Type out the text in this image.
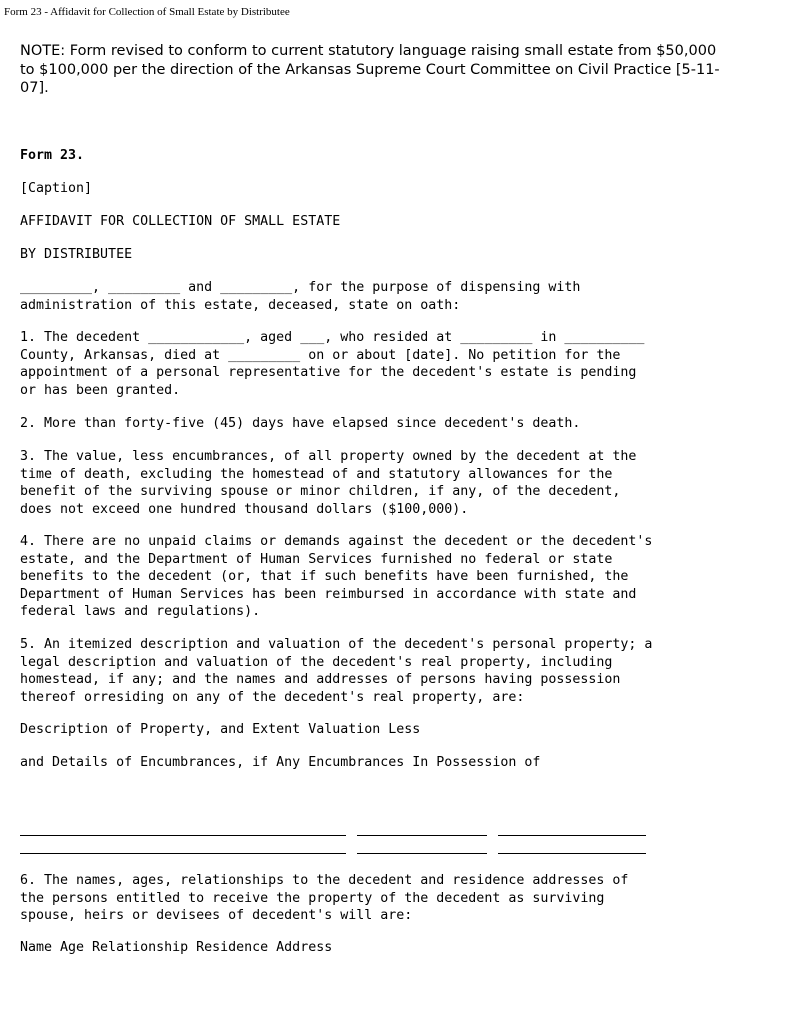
Form 23 - Affidavit for Collection of Small Estate by Distributee
NOTE: Form revised to conform to current statutory language raising small estate from $50,000
to $100,000 per the direction of the Arkansas Supreme Court Committee on Civil Practice [5-11-
07].
Form 23.
[Caption]
AFFIDAVIT FOR COLLECTION OF SMALL ESTATE
BY DISTRIBUTEE
_________, _________ and _________, for the purpose of dispensing with
administration of this estate, deceased, state on oath:
1. The decedent ____________, aged ___, who resided at _________ in __________
County, Arkansas, died at _________ on or about [date]. No petition for the
appointment of a personal representative for the decedent's estate is pending
or has been granted.
2. More than forty-five (45) days have elapsed since decedent's death.
3. The value, less encumbrances, of all property owned by the decedent at the
time of death, excluding the homestead of and statutory allowances for the
benefit of the surviving spouse or minor children, if any, of the decedent,
does not exceed one hundred thousand dollars ($100,000).
4. There are no unpaid claims or demands against the decedent or the decedent's
estate, and the Department of Human Services furnished no federal or state
benefits to the decedent (or, that if such benefits have been furnished, the
Department of Human Services has been reimbursed in accordance with state and
federal laws and regulations).
5. An itemized description and valuation of the decedent's personal property; a
legal description and valuation of the decedent's real property, including
homestead, if any; and the names and addresses of persons having possession
thereof orresiding on any of the decedent's real property, are:
Description of Property, and Extent Valuation Less
and Details of Encumbrances, if Any Encumbrances In Possession of
6. The names, ages, relationships to the decedent and residence addresses of
the persons entitled to receive the property of the decedent as surviving
spouse, heirs or devisees of decedent's will are:
Name Age Relationship Residence Address
